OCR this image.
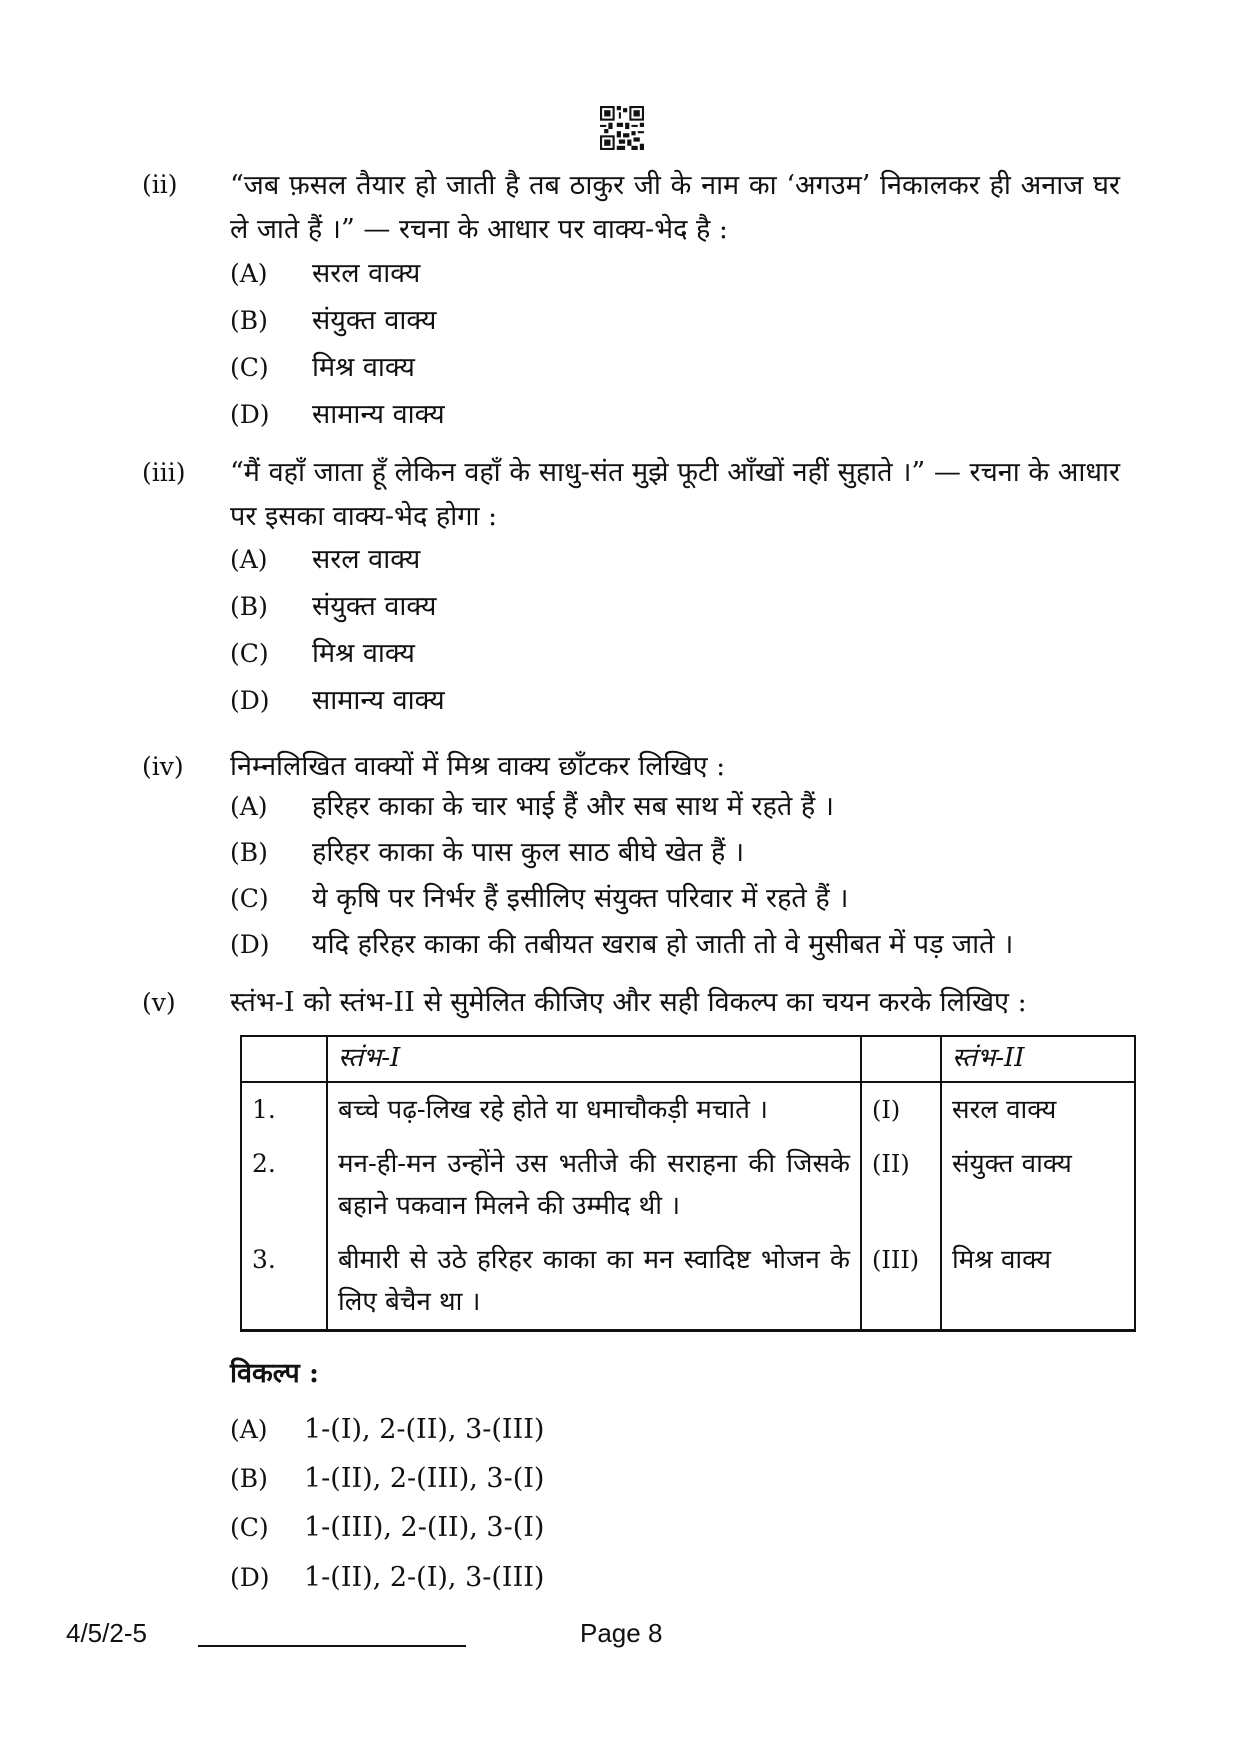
(ii) “जब फ़सल तैयार हो जाती है तब ठाकुर जी के नाम का ‘अगउम’ निकालकर ही अनाज घर ले जाते हैं ।” — रचना के आधार पर वाक्य-भेद है :
(A) सरल वाक्य
(B) संयुक्त वाक्य
(C) मिश्र वाक्य
(D) सामान्य वाक्य
(iii) “मैं वहाँ जाता हूँ लेकिन वहाँ के साधु-संत मुझे फूटी आँखों नहीं सुहाते ।” — रचना के आधार पर इसका वाक्य-भेद होगा :
(A) सरल वाक्य
(B) संयुक्त वाक्य
(C) मिश्र वाक्य
(D) सामान्य वाक्य
(iv) निम्नलिखित वाक्यों में मिश्र वाक्य छाँटकर लिखिए :
(A) हरिहर काका के चार भाई हैं और सब साथ में रहते हैं ।
(B) हरिहर काका के पास कुल साठ बीघे खेत हैं ।
(C) ये कृषि पर निर्भर हैं इसीलिए संयुक्त परिवार में रहते हैं ।
(D) यदि हरिहर काका की तबीयत खराब हो जाती तो वे मुसीबत में पड़ जाते ।
(v) स्तंभ-I को स्तंभ-II से सुमेलित कीजिए और सही विकल्प का चयन करके लिखिए :
	स्तंभ-I		स्तंभ-II
1.	बच्चे पढ़-लिख रहे होते या धमाचौकड़ी मचाते ।	(I)	सरल वाक्य
2.	मन-ही-मन उन्होंने उस भतीजे की सराहना की जिसके बहाने पकवान मिलने की उम्मीद थी ।	(II)	संयुक्त वाक्य
3.	बीमारी से उठे हरिहर काका का मन स्वादिष्ट भोजन के लिए बेचैन था ।	(III)	मिश्र वाक्य
विकल्प :
(A) 1-(I), 2-(II), 3-(III)
(B) 1-(II), 2-(III), 3-(I)
(C) 1-(III), 2-(II), 3-(I)
(D) 1-(II), 2-(I), 3-(III)
4/5/2-5	Page 8
